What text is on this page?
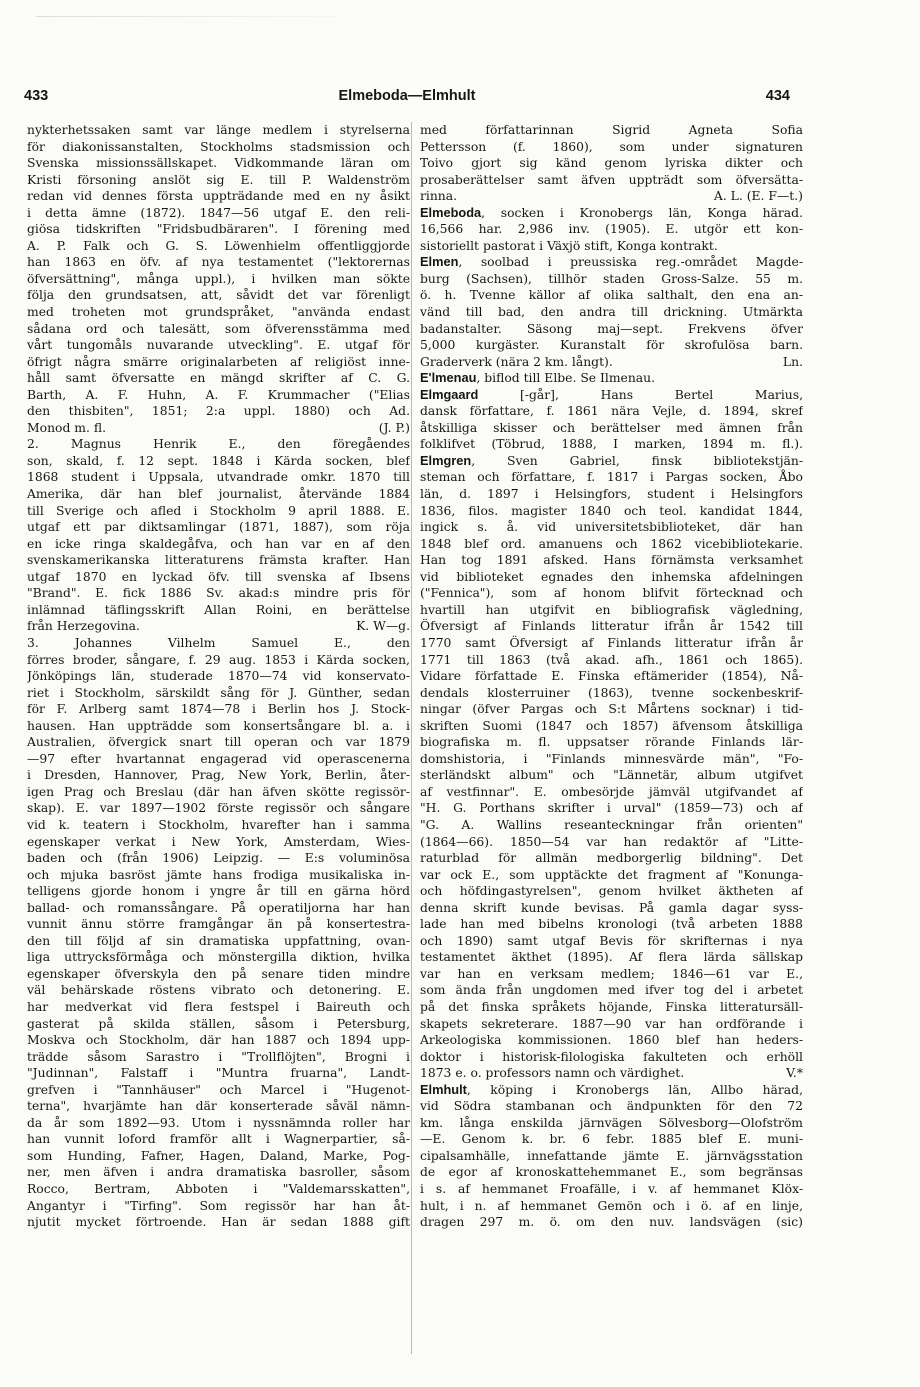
433	Elmeboda—Elmhult	434
nykterhetssaken samt var länge medlem i styrelserna
för diakonissanstalten, Stockholms stadsmission och
Svenska missionssällskapet. Vidkommande läran om
Kristi försoning anslöt sig E. till P. Waldenström
redan vid dennes första uppträdande med en ny åsikt
i detta ämne (1872). 1847—56 utgaf E. den reli-
giösa tidskriften "Fridsbudbäraren". I förening med
A. P. Falk och G. S. Löwenhielm offentliggjorde
han 1863 en öfv. af nya testamentet ("lektorernas
öfversättning", många uppl.), i hvilken man sökte
följa den grundsatsen, att, såvidt det var förenligt
med troheten mot grundspråket, "använda endast
sådana ord och talesätt, som öfverensstämma med
vårt tungomåls nuvarande utveckling". E. utgaf för
öfrigt några smärre originalarbeten af religiöst inne-
håll samt öfversatte en mängd skrifter af C. G.
Barth, A. F. Huhn, A. F. Krummacher ("Elias
den thisbiten", 1851; 2:a uppl. 1880) och Ad.
Monod m. fl.	(J. P.)
2. Magnus Henrik E., den föregåendes
son, skald, f. 12 sept. 1848 i Kärda socken, blef
1868 student i Uppsala, utvandrade omkr. 1870 till
Amerika, där han blef journalist, återvände 1884
till Sverige och afled i Stockholm 9 april 1888. E.
utgaf ett par diktsamlingar (1871, 1887), som röja
en icke ringa skaldegåfva, och han var en af den
svenskamerikanska litteraturens främsta krafter. Han
utgaf 1870 en lyckad öfv. till svenska af Ibsens
"Brand". E. fick 1886 Sv. akad:s mindre pris för
inlämnad täflingsskrift Allan Roini, en berättelse
från Herzegovina.	K. W—g.
3. Johannes Vilhelm Samuel E., den
förres broder, sångare, f. 29 aug. 1853 i Kärda socken,
Jönköpings län, studerade 1870—74 vid konservato-
riet i Stockholm, särskildt sång för J. Günther, sedan
för F. Arlberg samt 1874—78 i Berlin hos J. Stock-
hausen. Han uppträdde som konsertsångare bl. a. i
Australien, öfvergick snart till operan och var 1879
—97 efter hvartannat engagerad vid operascenerna
i Dresden, Hannover, Prag, New York, Berlin, åter-
igen Prag och Breslau (där han äfven skötte regissör-
skap). E. var 1897—1902 förste regissör och sångare
vid k. teatern i Stockholm, hvarefter han i samma
egenskaper verkat i New York, Amsterdam, Wies-
baden och (från 1906) Leipzig. — E:s voluminösa
och mjuka basröst jämte hans frodiga musikaliska in-
telligens gjorde honom i yngre år till en gärna hörd
ballad- och romanssångare. På operatiljorna har han
vunnit ännu större framgångar än på konsertestra-
den till följd af sin dramatiska uppfattning, ovan-
liga uttrycksförmåga och mönstergilla diktion, hvilka
egenskaper öfverskyla den på senare tiden mindre
väl behärskade röstens vibrato och detonering. E.
har medverkat vid flera festspel i Baireuth och
gasterat på skilda ställen, såsom i Petersburg,
Moskva och Stockholm, där han 1887 och 1894 upp-
trädde såsom Sarastro i "Trollflöjten", Brogni i
"Judinnan", Falstaff i "Muntra fruarna", Landt-
grefven i "Tannhäuser" och Marcel i "Hugenot-
terna", hvarjämte han där konserterade såväl nämn-
da år som 1892—93. Utom i nyssnämnda roller har
han vunnit loford framför allt i Wagnerpartier, så-
som Hunding, Fafner, Hagen, Daland, Marke, Pog-
ner, men äfven i andra dramatiska basroller, såsom
Rocco, Bertram, Abboten i "Valdemarsskatten",
Angantyr i "Tirfing". Som regissör har han åt-
njutit mycket förtroende. Han är sedan 1888 gift
med författarinnan Sigrid Agneta Sofia
Pettersson (f. 1860), som under signaturen
Toivo gjort sig känd genom lyriska dikter och
prosaberättelser samt äfven uppträdt som öfversätta-
rinna.	A. L. (E. F—t.)
Elmeboda, socken i Kronobergs län, Konga härad.
16,566 har. 2,986 inv. (1905). E. utgör ett kon-
sistoriellt pastorat i Växjö stift, Konga kontrakt.
Elmen, soolbad i preussiska reg.-området Magde-
burg (Sachsen), tillhör staden Gross-Salze. 55 m.
ö. h. Tvenne källor af olika salthalt, den ena an-
vänd till bad, den andra till drickning. Utmärkta
badanstalter. Säsong maj—sept. Frekvens öfver
5,000 kurgäster. Kuranstalt för skrofulösa barn.
Graderverk (nära 2 km. långt).	Ln.
E'lmenau, biflod till Elbe. Se Ilmenau.
Elmgaard [-går], Hans Bertel Marius,
dansk författare, f. 1861 nära Vejle, d. 1894, skref
åtskilliga skisser och berättelser med ämnen från
folklifvet (Töbrud, 1888, I marken, 1894 m. fl.).
Elmgren, Sven Gabriel, finsk bibliotekstjän-
steman och författare, f. 1817 i Pargas socken, Åbo
län, d. 1897 i Helsingfors, student i Helsingfors
1836, filos. magister 1840 och teol. kandidat 1844,
ingick s. å. vid universitetsbiblioteket, där han
1848 blef ord. amanuens och 1862 vicebibliotekarie.
Han tog 1891 afsked. Hans förnämsta verksamhet
vid biblioteket egnades den inhemska afdelningen
("Fennica"), som af honom blifvit förtecknad och
hvartill han utgifvit en bibliografisk vägledning,
Öfversigt af Finlands litteratur ifrån år 1542 till
1770 samt Öfversigt af Finlands litteratur ifrån år
1771 till 1863 (två akad. afh., 1861 och 1865).
Vidare författade E. Finska eftämerider (1854), Nå-
dendals klosterruiner (1863), tvenne sockenbeskrif-
ningar (öfver Pargas och S:t Mårtens socknar) i tid-
skriften Suomi (1847 och 1857) äfvensom åtskilliga
biografiska m. fl. uppsatser rörande Finlands lär-
domshistoria, i "Finlands minnesvärde män", "Fo-
sterländskt album" och "Lännetär, album utgifvet
af vestfinnar". E. ombesörjde jämväl utgifvandet af
"H. G. Porthans skrifter i urval" (1859—73) och af
"G. A. Wallins reseanteckningar från orienten"
(1864—66). 1850—54 var han redaktör af "Litte-
raturblad för allmän medborgerlig bildning". Det
var ock E., som upptäckte det fragment af "Konunga-
och höfdingastyrelsen", genom hvilket äktheten af
denna skrift kunde bevisas. På gamla dagar syss-
lade han med bibelns kronologi (två arbeten 1888
och 1890) samt utgaf Bevis för skrifternas i nya
testamentet äkthet (1895). Af flera lärda sällskap
var han en verksam medlem; 1846—61 var E.,
som ända från ungdomen med ifver tog del i arbetet
på det finska språkets höjande, Finska litteratursäll-
skapets sekreterare. 1887—90 var han ordförande i
Arkeologiska kommissionen. 1860 blef han heders-
doktor i historisk-filologiska fakulteten och erhöll
1873 e. o. professors namn och värdighet.	V.*
Elmhult, köping i Kronobergs län, Allbo härad,
vid Södra stambanan och ändpunkten för den 72
km. långa enskilda järnvägen Sölvesborg—Olofström
—E. Genom k. br. 6 febr. 1885 blef E. muni-
cipalsamhälle, innefattande jämte E. järnvägsstation
de egor af kronoskattehemmanet E., som begränsas
i s. af hemmanet Froafälle, i v. af hemmanet Klöx-
hult, i n. af hemmanet Gemön och i ö. af en linje,
dragen 297 m. ö. om den nuv. landsvägen (sic)
